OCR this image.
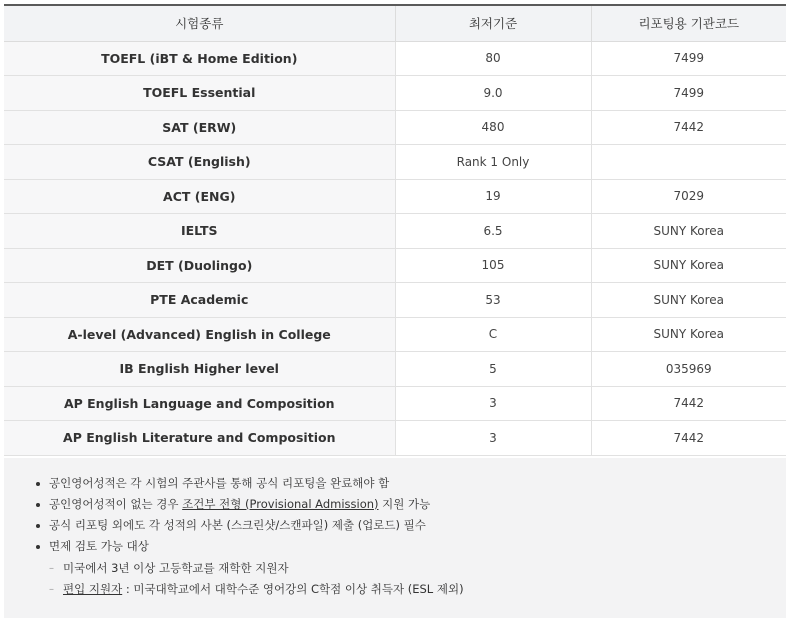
시험종류	최저기준	리포팅용 기관코드
TOEFL (iBT & Home Edition)	80	7499
TOEFL Essential	9.0	7499
SAT (ERW)	480	7442
CSAT (English)	Rank 1 Only	
ACT (ENG)	19	7029
IELTS	6.5	SUNY Korea
DET (Duolingo)	105	SUNY Korea
PTE Academic	53	SUNY Korea
A-level (Advanced) English in College	C	SUNY Korea
IB English Higher level	5	035969
AP English Language and Composition	3	7442
AP English Literature and Composition	3	7442
공인영어성적은 각 시험의 주관사를 통해 공식 리포팅을 완료해야 함
공인영어성적이 없는 경우 조건부 전형 (Provisional Admission) 지원 가능
공식 리포팅 외에도 각 성적의 사본 (스크린샷/스캔파일) 제출 (업로드) 필수
면제 검토 가능 대상
– 미국에서 3년 이상 고등학교를 재학한 지원자
– 편입 지원자 : 미국대학교에서 대학수준 영어강의 C학점 이상 취득자 (ESL 제외)
